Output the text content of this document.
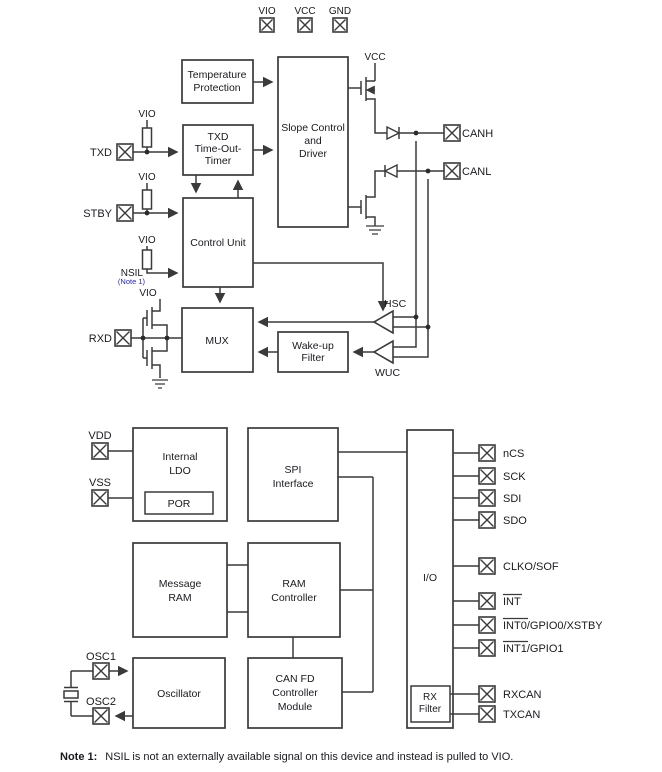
VIO VCC GND
Temperature
Protection
TXD
Time-Out-
Timer
Slope Control
and
Driver
Control Unit
MUX	Wake-up
Filter
VIO
TXD
VIO
STBY
VIO
NSIL
(Note 1)
VIO
RXD
VCC
CANH
CANL
HSC
WUC
VDD
VSS
Internal
LDO
POR
SPI
Interface
Message
RAM
RAM
Controller
Oscillator
CAN FD
Controller
Module
I/O
RX
Filter
OSC1
OSC2
nCS
SCK
SDI
SDO
CLKO/SOF
INT
INT0/GPIO0/XSTBY
INT1/GPIO1
RXCAN
TXCAN
Note 1: NSIL is not an externally available signal on this device and instead is pulled to VIO.
